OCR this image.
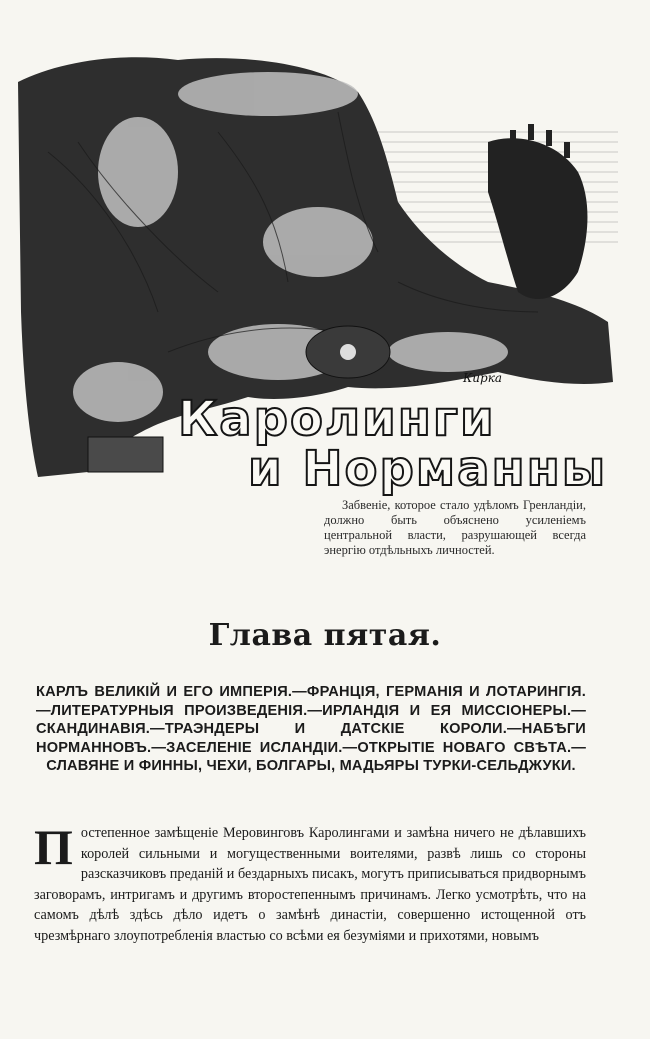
Кирка
Каролинги
и Норманны

Забвеніе, которое стало удѣломъ Гренландіи, должно быть объяснено усиленіемъ центральной власти, разрушающей всегда энергію отдѣльныхъ личностей.

Глава пятая.
КАРЛЪ ВЕЛИКІЙ И ЕГО ИМПЕРІЯ.—ФРАНЦІЯ, ГЕРМАНІЯ И ЛОТАРИНГІЯ.—ЛИТЕРАТУРНЫЯ ПРОИЗВЕДЕНІЯ.—ИРЛАНДІЯ И ЕЯ МИССІОНЕРЫ.—СКАНДИНАВІЯ.—ТРАЭНДЕРЫ И ДАТСКІЕ КОРОЛИ.—НАБѢГИ НОРМАННОВЪ.—ЗАСЕЛЕНІЕ ИСЛАНДІИ.—ОТКРЫТІЕ НОВАГО СВѢТА.—СЛАВЯНЕ И ФИННЫ, ЧЕХИ, БОЛГАРЫ, МАДЬЯРЫ ТУРКИ-СЕЛЬДЖУКИ.
П остепенное замѣщеніе Меровинговъ Каролингами и замѣна ничего не дѣлавшихъ королей сильными и могущественными воителями, развѣ лишь со стороны разсказчиковъ преданій и бездарныхъ писакъ, могутъ приписываться придворнымъ заговорамъ, интригамъ и другимъ второстепеннымъ причинамъ. Легко усмотрѣть, что на самомъ дѣлѣ здѣсь дѣло идетъ о замѣнѣ династіи, совершенно истощенной отъ чрезмѣрнаго злоупотребленія властью со всѣми ея безуміями и прихотями, новымъ
